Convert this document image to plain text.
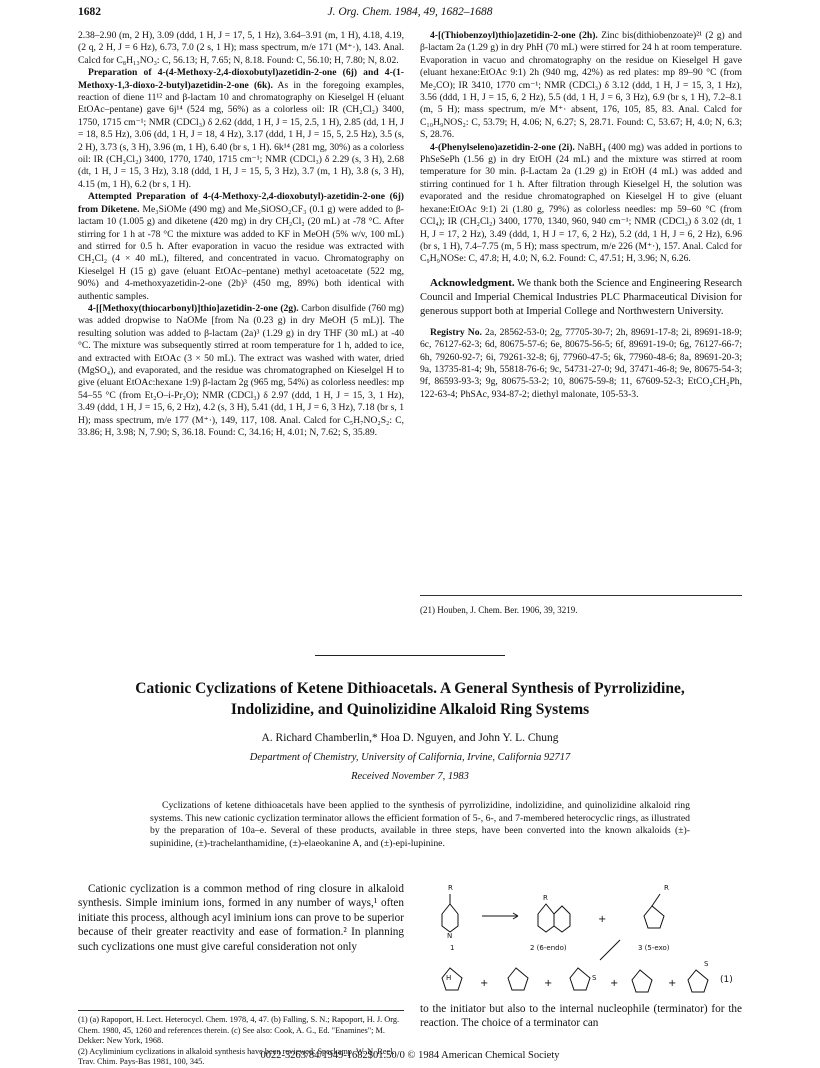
1682	J. Org. Chem. 1984, 49, 1682–1688

2.38–2.90 (m, 2 H), 3.09 (ddd, 1 H, J = 17, 5, 1 Hz), 3.64–3.91 (m, 1 H), 4.18, 4.19, (2 q, 2 H, J = 6 Hz), 6.73, 7.0 (2 s, 1 H); mass spectrum, m/e 171 (M⁺·), 143. Anal. Calcd for C₈H₁₃NO₃: C, 56.13; H, 7.65; N, 8.18. Found: C, 56.10; H, 7.80; N, 8.02.

Preparation of 4-(4-Methoxy-2,4-dioxobutyl)azetidin-2-one (6j) and 4-(1-Methoxy-1,3-dioxo-2-butyl)azetidin-2-one (6k). As in the foregoing examples, reaction of diene 11¹² and β-lactam 10 and chromatography on Kieselgel H (eluant EtOAc–pentane) gave 6j¹⁴ (524 mg, 56%) as a colorless oil: IR (CH₂Cl₂) 3400, 1750, 1715 cm⁻¹; NMR (CDCl₃) δ 2.62 (ddd, 1 H, J = 15, 2.5, 1 H), 2.85 (dd, 1 H, J = 18, 8.5 Hz), 3.06 (dd, 1 H, J = 18, 4 Hz), 3.17 (ddd, 1 H, J = 15, 5, 2.5 Hz), 3.5 (s, 2 H), 3.73 (s, 3 H), 3.96 (m, 1 H), 6.40 (br s, 1 H). 6k¹⁴ (281 mg, 30%) as a colorless oil: IR (CH₂Cl₂) 3400, 1770, 1740, 1715 cm⁻¹; NMR (CDCl₃) δ 2.29 (s, 3 H), 2.68 (dt, 1 H, J = 15, 3 Hz), 3.18 (ddd, 1 H, J = 15, 5, 3 Hz), 3.7 (m, 1 H), 3.8 (s, 3 H), 4.15 (m, 1 H), 6.2 (br s, 1 H).

Attempted Preparation of 4-(4-Methoxy-2,4-dioxobutyl)-azetidin-2-one (6j) from Diketene. Me₃SiOMe (490 mg) and Me₃SiOSO₂CF₃ (0.1 g) were added to β-lactam 10 (1.005 g) and diketene (420 mg) in dry CH₂Cl₂ (20 mL) at -78 °C. After stirring for 1 h at -78 °C the mixture was added to KF in MeOH (5% w/v, 100 mL) and stirred for 0.5 h. After evaporation in vacuo the residue was extracted with CH₂Cl₂ (4 × 40 mL), filtered, and concentrated in vacuo. Chromatography on Kieselgel H (15 g) gave (eluant EtOAc–pentane) methyl acetoacetate (522 mg, 90%) and 4-methoxyazetidin-2-one (2b)³ (450 mg, 89%) both identical with authentic samples.

4-[[Methoxy(thiocarbonyl)]thio]azetidin-2-one (2g). Carbon disulfide (760 mg) was added dropwise to NaOMe [from Na (0.23 g) in dry MeOH (5 mL)]. The resulting solution was added to β-lactam (2a)³ (1.29 g) in dry THF (30 mL) at -40 °C. The mixture was subsequently stirred at room temperature for 1 h, added to ice, and extracted with EtOAc (3 × 50 mL). The extract was washed with water, dried (MgSO₄), and evaporated, and the residue was chromatographed on Kieselgel H to give (eluant EtOAc:hexane 1:9) β-lactam 2g (965 mg, 54%) as colorless needles: mp 54–55 °C (from Et₂O–i-Pr₂O); NMR (CDCl₃) δ 2.97 (ddd, 1 H, J = 15, 3, 1 Hz), 3.49 (ddd, 1 H, J = 15, 6, 2 Hz), 4.2 (s, 3 H), 5.41 (dd, 1 H, J = 6, 3 Hz), 7.18 (br s, 1 H); mass spectrum, m/e 177 (M⁺·), 149, 117, 108. Anal. Calcd for C₅H₇NO₂S₂: C, 33.86; H, 3.98; N, 7.90; S, 36.18. Found: C, 34.16; H, 4.01; N, 7.62; S, 35.89.

4-[(Thiobenzoyl)thio]azetidin-2-one (2h). Zinc bis(dithiobenzoate)²¹ (2 g) and β-lactam 2a (1.29 g) in dry PhH (70 mL) were stirred for 24 h at room temperature. Evaporation in vacuo and chromatography on the residue on Kieselgel H gave (eluant hexane:EtOAc 9:1) 2h (940 mg, 42%) as red plates: mp 89–90 °C (from Me₂CO); IR 3410, 1770 cm⁻¹; NMR (CDCl₃) δ 3.12 (ddd, 1 H, J = 15, 3, 1 Hz), 3.56 (ddd, 1 H, J = 15, 6, 2 Hz), 5.5 (dd, 1 H, J = 6, 3 Hz), 6.9 (br s, 1 H), 7.2–8.1 (m, 5 H); mass spectrum, m/e M⁺· absent, 176, 105, 85, 83. Anal. Calcd for C₁₀H₉NOS₂: C, 53.79; H, 4.06; N, 6.27; S, 28.71. Found: C, 53.67; H, 4.0; N, 6.3; S, 28.76.

4-(Phenylseleno)azetidin-2-one (2i). NaBH₄ (400 mg) was added in portions to PhSeSePh (1.56 g) in dry EtOH (24 mL) and the mixture was stirred at room temperature for 30 min. β-Lactam 2a (1.29 g) in EtOH (4 mL) was added and stirring continued for 1 h. After filtration through Kieselgel H, the solution was evaporated and the residue chromatographed on Kieselgel H to give (eluant hexane:EtOAc 9:1) 2i (1.80 g, 79%) as colorless needles: mp 59–60 °C (from CCl₄); IR (CH₂Cl₂) 3400, 1770, 1340, 960, 940 cm⁻¹; NMR (CDCl₃) δ 3.02 (dt, 1 H, J = 17, 2 Hz), 3.49 (ddd, 1, H J = 17, 6, 2 Hz), 5.2 (dd, 1 H, J = 6, 2 Hz), 6.96 (br s, 1 H), 7.4–7.75 (m, 5 H); mass spectrum, m/e 226 (M⁺·), 157. Anal. Calcd for C₉H₉NOSe: C, 47.8; H, 4.0; N, 6.2. Found: C, 47.51; H, 3.96; N, 6.26.

Acknowledgment. We thank both the Science and Engineering Research Council and Imperial Chemical Industries PLC Pharmaceutical Division for generous support both at Imperial College and Northwestern University.

Registry No. 2a, 28562-53-0; 2g, 77705-30-7; 2h, 89691-17-8; 2i, 89691-18-9; 6c, 76127-62-3; 6d, 80675-57-6; 6e, 80675-56-5; 6f, 89691-19-0; 6g, 76127-66-7; 6h, 79260-92-7; 6i, 79261-32-8; 6j, 77960-47-5; 6k, 77960-48-6; 8a, 89691-20-3; 9a, 13735-81-4; 9h, 55818-76-6; 9c, 54731-27-0; 9d, 37471-46-8; 9e, 80675-54-3; 9f, 86593-93-3; 9g, 80675-53-2; 10, 80675-59-8; 11, 67609-52-3; EtCO₂CH₂Ph, 122-63-4; PhSAc, 934-87-2; diethyl malonate, 105-53-3.

(21) Houben, J. Chem. Ber. 1906, 39, 3219.
Cationic Cyclizations of Ketene Dithioacetals. A General Synthesis of Pyrrolizidine, Indolizidine, and Quinolizidine Alkaloid Ring Systems
A. Richard Chamberlin,* Hoa D. Nguyen, and John Y. L. Chung
Department of Chemistry, University of California, Irvine, California 92717
Received November 7, 1983
Cyclizations of ketene dithioacetals have been applied to the synthesis of pyrrolizidine, indolizidine, and quinolizidine alkaloid ring systems. This new cationic cyclization terminator allows the efficient formation of 5-, 6-, and 7-membered heterocyclic rings, as illustrated by the preparation of 10a–e. Several of these products, available in three steps, have been converted into the known alkaloids (±)-supinidine, (±)-trachelanthamidine, (±)-elaeokanine A, and (±)-epi-lupinine.
Cationic cyclization is a common method of ring closure in alkaloid synthesis. Simple iminium ions, formed in any number of ways,¹ often initiate this process, although acyl iminium ions can prove to be superior because of their greater reactivity and ease of formation.² In planning such cyclizations one must give careful consideration not only
(1) (a) Rapoport, H. Lect. Heterocycl. Chem. 1978, 4, 47. (b) Falling, S. N.; Rapoport, H. J. Org. Chem. 1980, 45, 1260 and references therein. (c) See also: Cook, A. G., Ed. "Enamines"; M. Dekker: New York, 1968.
(2) Acyliminium cyclizations in alkaloid synthesis have been reviewed: Speckamp, W. N. Recl. Trav. Chim. Pays-Bas 1981, 100, 345.
R
N
1
R
2 (6-endo)
+
R
3 (5-exo)
H	+	+	S +	+
S
(1)
to the initiator but also to the internal nucleophile (terminator) for the reaction. The choice of a terminator can
0022-3263/84/1949-1682$01.50/0 © 1984 American Chemical Society
